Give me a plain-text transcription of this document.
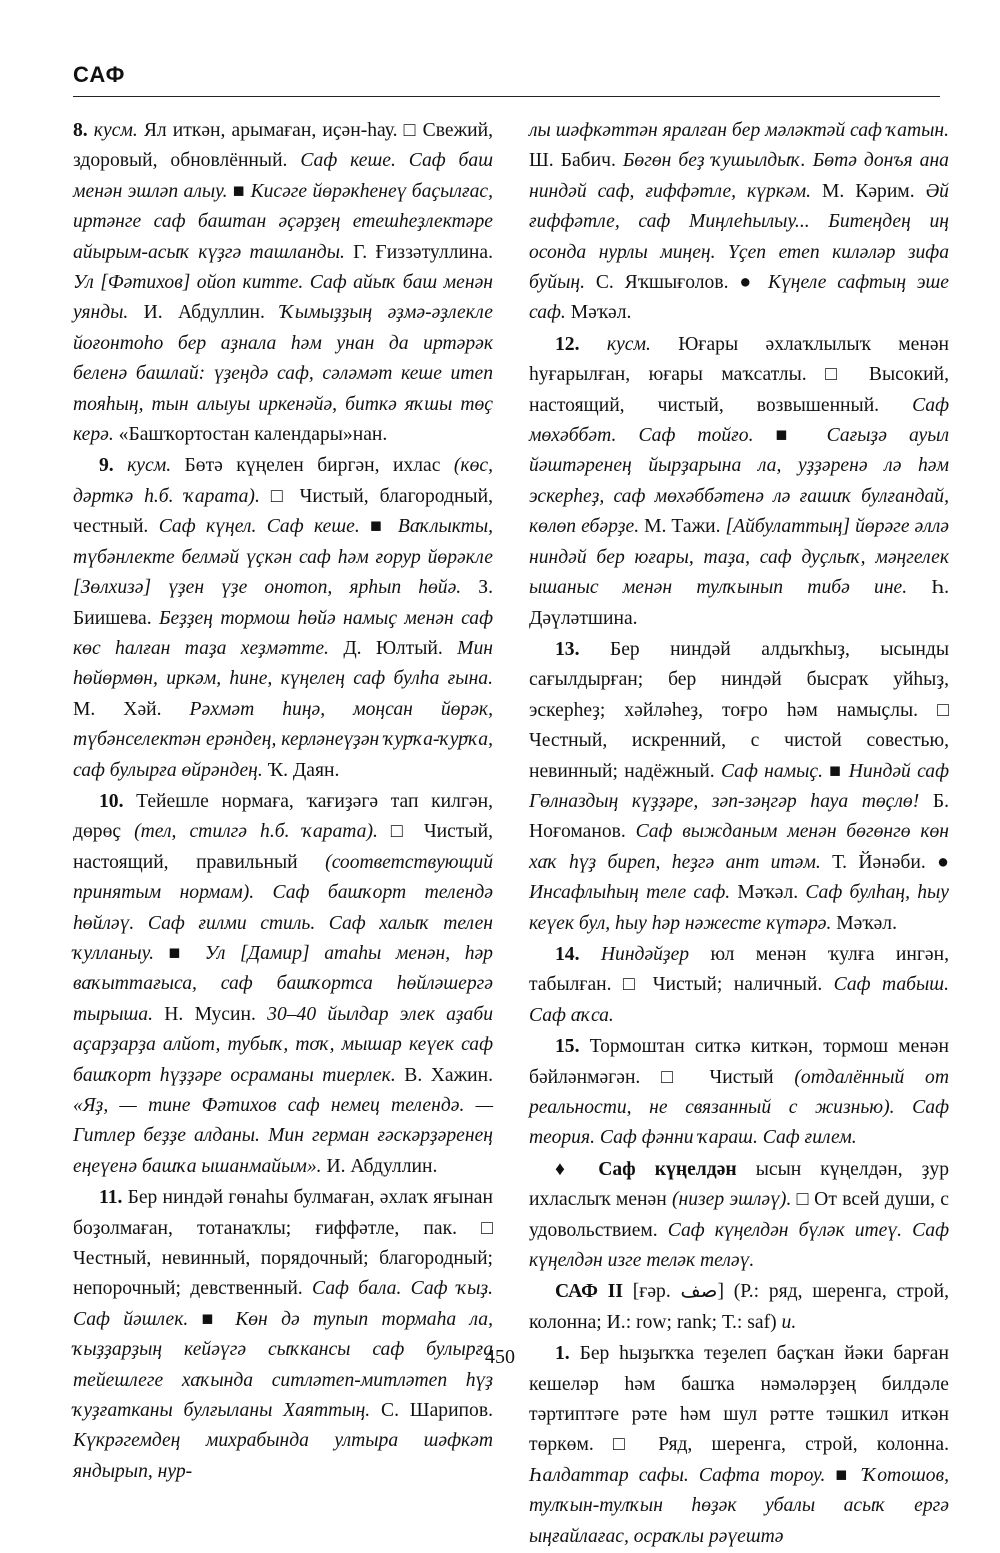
САФ

8. кусм. Ял иткән, арымаған, иҫән-һау. □ Свежий, здоровый, обновлённый. Саф кеше. Саф баш менән эшләп алыу. ■ Кисәге йөрәкһенеү баҫылғас, иртәнге саф баштан әҫәрҙең етешһеҙлектәре айырым-асыҡ күҙгә ташланды. Г. Ғиззәтуллина. Ул [Фәтихов] ойоп китте. Саф айыҡ баш менән уянды. И. Абдуллин. Ҡымыҙҙың әҙмә-әҙлекле йоғонтоһо бер аҙнала һәм унан да иртәрәк беленә башлай: үҙеңдә саф, сәләмәт кеше итеп тояһың, тын алыуы иркенәйә, биткә яҡшы төҫ керә. «Башҡортостан календары»нан.

9. кусм. Бөтә күңелен биргән, ихлас (көс, дәрткә һ.б. ҡарата). □ Чистый, благородный, честный. Саф күңел. Саф кеше. ■ Ваҡлыкты, түбәнлекте белмәй үҫкән саф һәм ғорур йөрәкле [Зөлхизә] үҙен үҙе онотоп, ярһып һөйә. З. Биишева. Беҙҙең тормош һөйә намыҫ менән саф көс һалған таҙа хеҙмәтте. Д. Юлтый. Мин һөйөрмөн, иркәм, һине, күңелең саф булһа ғына. М. Хәй. Рәхмәт һиңә, моңсан йөрәк, түбәнселектән ерәндең, керләнеүҙән ҡурҡа-ҡурҡа, саф булырға өйрәндең. Ҡ. Даян.

10. Тейешле нормаға, ҡағиҙәгә тап килгән, дөрөҫ (тел, стилгә һ.б. ҡарата). □ Чистый, настоящий, правильный (соответствующий принятым нормам). Саф башҡорт телендә һөйләү. Саф ғилми стиль. Саф халыҡ телен ҡулланыу. ■ Ул [Дамир] атаһы менән, һәр ваҡыттағыса, саф башҡортса һөйләшергә тырыша. Н. Мусин. 30–40 йылдар элек аҙаби аҫарҙарҙа алйот, тубыҡ, тоҡ, мышар кеүек саф башҡорт һүҙҙәре осраманы тиерлек. В. Хажин. «Яҙ, — тине Фәтихов саф немец телендә. — Гитлер беҙҙе алданы. Мин герман ғәскәрҙәренең еңеүенә башҡа ышанмайым». И. Абдуллин.

11. Бер ниндәй гөнаһы булмаған, әхлаҡ яғынан боҙолмаған, тотанаҡлы; ғиффәтле, пак. □ Честный, невинный, порядочный; благородный; непорочный; девственный. Саф бала. Саф ҡыҙ. Саф йәшлек. ■ Көн дә тупып тормаһа ла, ҡыҙҙарҙың кейәүгә сыҡкансы саф булырға тейешлеге хаҡында ситләтеп-митләтеп һүҙ ҡуҙғатканы булғыланы Хаяттың. С. Шарипов. Күкрәгемдең михрабында ултыра шәфкәт яндырып, нур-

лы шәфкәттән яралған бер мәләктәй саф ҡатын. Ш. Бабич. Бөгөн беҙ ҡушылдыҡ. Бөтә донъя ана ниндәй саф, ғиффәтле, күркәм. М. Кәрим. Әй ғиффәтле, саф Миңлеһылыу... Битеңдең иң осонда нурлы миңең. Үҫеп етеп киләләр зифа буйың. С. Яҡшығолов. ● Күңеле сафтың эше саф. Мәҡәл.

12. кусм. Юғары әхлаҡлылыҡ менән һуғарылған, юғары маҡсатлы. □ Высокий, настоящий, чистый, возвышенный. Саф мөхәббәт. Саф тойғо. ■ Сағыҙә ауыл йәштәренең йырҙарына ла, уҙҙәренә лә һәм эскерһеҙ, саф мөхәббәтенә лә ғашиҡ булғандай, көлөп ебәрҙе. М. Тажи. [Айбулаттың] йөрәге әллә ниндәй бер юғары, таҙа, саф дуҫлыҡ, мәңгелек ышаныс менән тулҡынып тибә ине. Һ. Дәүләтшина.

13. Бер ниндәй алдыҡһыҙ, ысынды сағылдырған; бер ниндәй бысраҡ уйһыҙ, эскерһеҙ; хәйләһеҙ, тоғро һәм намыҫлы. □ Честный, искренний, с чистой совестью, невинный; надёжный. Саф намыҫ. ■ Ниндәй саф Гөлназдың күҙҙәре, зәп-зәңгәр һауа төҫлө! Б. Ноғоманов. Саф выжданым менән бөгөнгө көн хаҡ һүҙ биреп, һеҙгә ант итәм. Т. Йәнәби. ● Инсафлыһың теле саф. Мәҡәл. Саф булһаң, һыу кеүек бул, һыу һәр нәжесте күтәрә. Мәҡәл.

14. Ниндәйҙер юл менән ҡулға ингән, табылған. □ Чистый; наличный. Саф табыш. Саф аҡса.

15. Тормоштан ситкә киткән, тормош менән бәйләнмәгән. □ Чистый (отдалённый от реальности, не связанный с жизнью). Саф теория. Саф фәнни ҡараш. Саф ғилем.

♦ Саф күңелдән ысын күңелдән, ҙур ихласлыҡ менән (низер эшләү). □ От всей души, с удовольствием. Саф күңелдән бүләк итеү. Саф күңелдән изге теләк теләү.

САФ II [ғәр. صف] (Р.: ряд, шеренга, строй, колонна; И.: row; rank; Т.: saf) и.

1. Бер һыҙыҡҡа теҙелеп баҫҡан йәки барған кешеләр һәм башҡа нәмәләрҙең билдәле тәртиптәге рәте һәм шул рәтте тәшкил иткән төркөм. □ Ряд, шеренга, строй, колонна. Һалдаттар сафы. Сафта тороу. ■ Ҡотошов, тулҡын-тулҡын һөҙәк убалы асыҡ ергә ыңғайлағас, осраҡлы рәүештә

450
